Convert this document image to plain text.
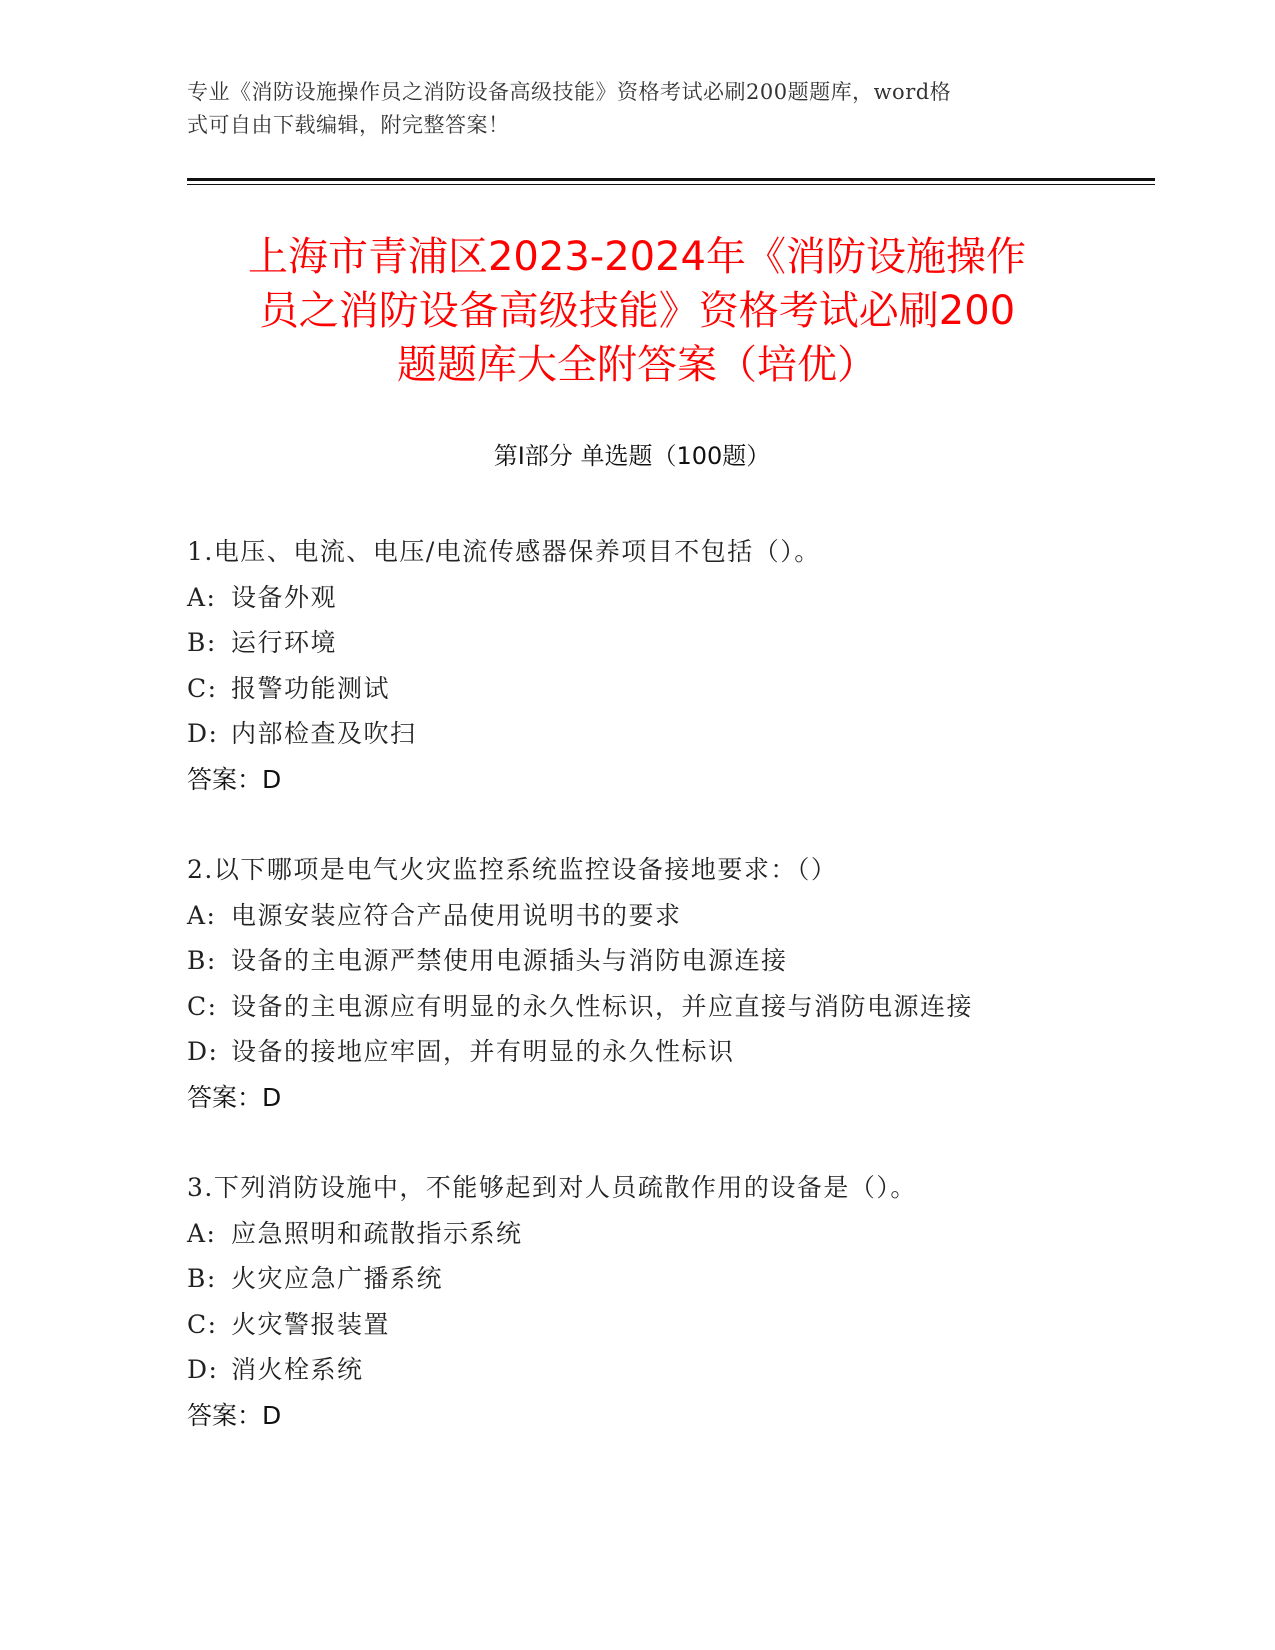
专业《消防设施操作员之消防设备高级技能》资格考试必刷200题题库，word格
式可自由下载编辑，附完整答案！
上海市青浦区2023-2024年《消防设施操作
员之消防设备高级技能》资格考试必刷200
题题库大全附答案（培优）
第Ⅰ部分 单选题（100题）
1.电压、电流、电压/电流传感器保养项目不包括（）。
A: 设备外观
B: 运行环境
C: 报警功能测试
D: 内部检查及吹扫
答案：D
2.以下哪项是电气火灾监控系统监控设备接地要求：（）
A: 电源安装应符合产品使用说明书的要求
B: 设备的主电源严禁使用电源插头与消防电源连接
C: 设备的主电源应有明显的永久性标识，并应直接与消防电源连接
D: 设备的接地应牢固，并有明显的永久性标识
答案：D
3.下列消防设施中，不能够起到对人员疏散作用的设备是（）。
A: 应急照明和疏散指示系统
B: 火灾应急广播系统
C: 火灾警报装置
D: 消火栓系统
答案：D
